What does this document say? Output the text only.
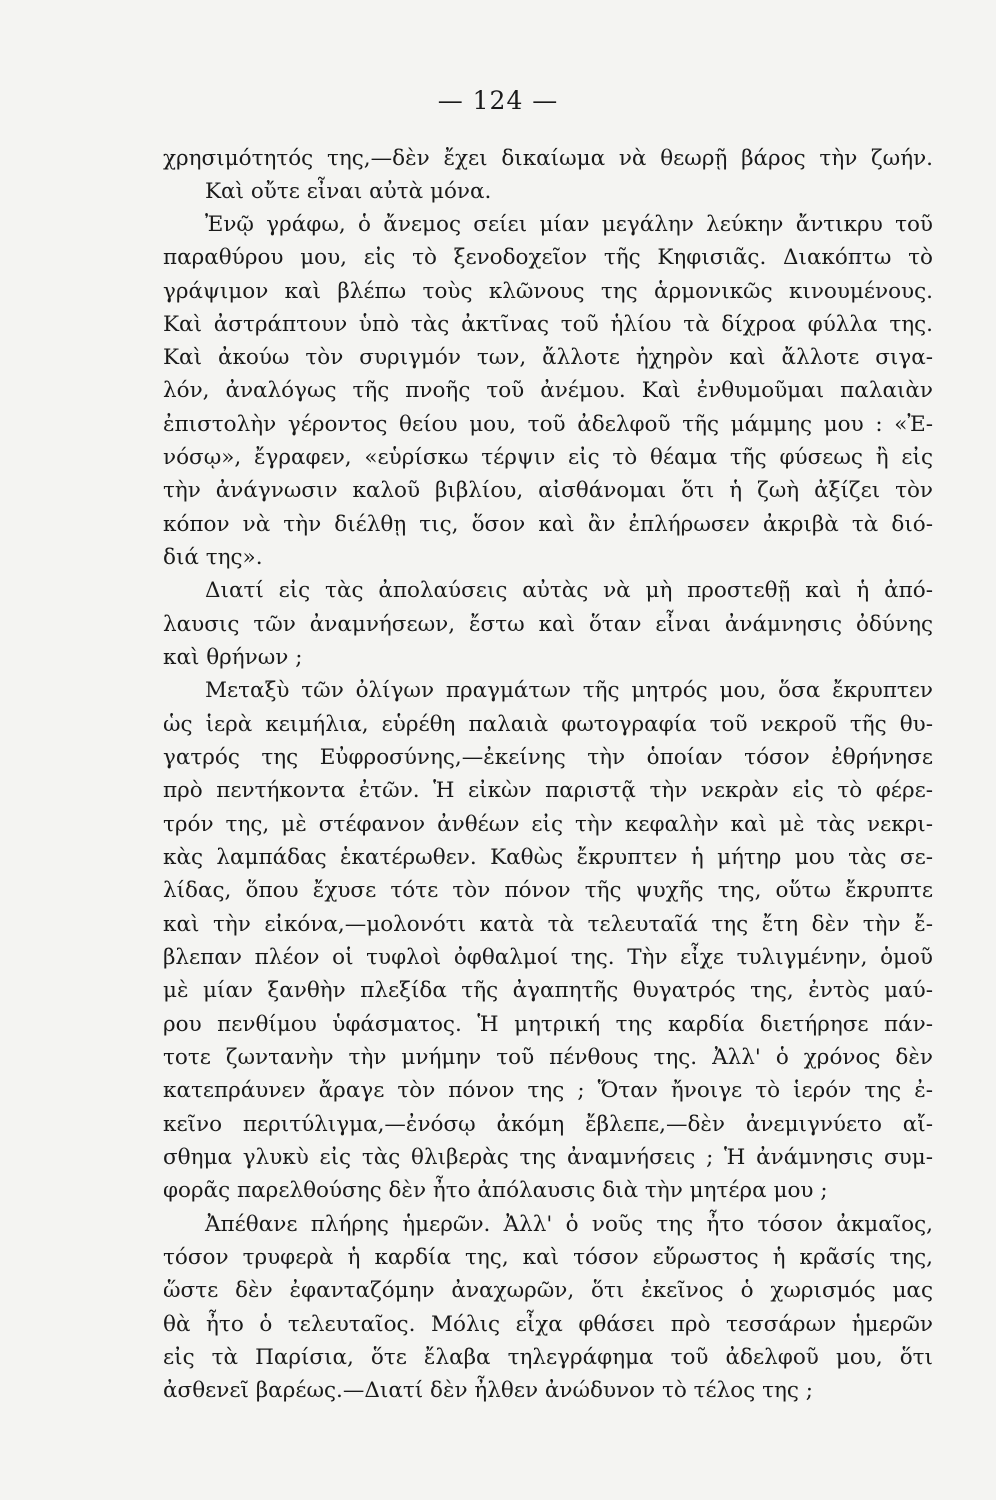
— 124 —
χρησιμότητός της,—δὲν ἔχει δικαίωμα νὰ θεωρῇ βάρος τὴν ζωήν.
Καὶ οὔτε εἶναι αὐτὰ μόνα.
Ἐνῷ γράφω, ὁ ἄνεμος σείει μίαν μεγάλην λεύκην ἄντικρυ τοῦ
παραθύρου μου, εἰς τὸ ξενοδοχεῖον τῆς Κηφισιᾶς. Διακόπτω τὸ
γράψιμον καὶ βλέπω τοὺς κλῶνους της ἁρμονικῶς κινουμένους.
Καὶ ἀστράπτουν ὑπὸ τὰς ἀκτῖνας τοῦ ἡλίου τὰ δίχροα φύλλα της.
Καὶ ἀκούω τὸν συριγμόν των, ἄλλοτε ἠχηρὸν καὶ ἄλλοτε σιγα-
λόν, ἀναλόγως τῆς πνοῆς τοῦ ἀνέμου. Καὶ ἐνθυμοῦμαι παλαιὰν
ἐπιστολὴν γέροντος θείου μου, τοῦ ἀδελφοῦ τῆς μάμμης μου : «Ἐ-
νόσῳ», ἔγραφεν, «εὑρίσκω τέρψιν εἰς τὸ θέαμα τῆς φύσεως ἢ εἰς
τὴν ἀνάγνωσιν καλοῦ βιβλίου, αἰσθάνομαι ὅτι ἡ ζωὴ ἀξίζει τὸν
κόπον νὰ τὴν διέλθῃ τις, ὅσον καὶ ἂν ἐπλήρωσεν ἀκριβὰ τὰ διό-
διά της».
Διατί εἰς τὰς ἀπολαύσεις αὐτὰς νὰ μὴ προστεθῇ καὶ ἡ ἀπό-
λαυσις τῶν ἀναμνήσεων, ἔστω καὶ ὅταν εἶναι ἀνάμνησις ὀδύνης
καὶ θρήνων ;
Μεταξὺ τῶν ὀλίγων πραγμάτων τῆς μητρός μου, ὅσα ἔκρυπτεν
ὡς ἱερὰ κειμήλια, εὑρέθη παλαιὰ φωτογραφία τοῦ νεκροῦ τῆς θυ-
γατρός της Εὐφροσύνης,—ἐκείνης τὴν ὁποίαν τόσον ἐθρήνησε
πρὸ πεντήκοντα ἐτῶν. Ἡ εἰκὼν παριστᾷ τὴν νεκρὰν εἰς τὸ φέρε-
τρόν της, μὲ στέφανον ἀνθέων εἰς τὴν κεφαλὴν καὶ μὲ τὰς νεκρι-
κὰς λαμπάδας ἑκατέρωθεν. Καθὼς ἔκρυπτεν ἡ μήτηρ μου τὰς σε-
λίδας, ὅπου ἔχυσε τότε τὸν πόνον τῆς ψυχῆς της, οὕτω ἔκρυπτε
καὶ τὴν εἰκόνα,—μολονότι κατὰ τὰ τελευταῖά της ἔτη δὲν τὴν ἔ-
βλεπαν πλέον οἱ τυφλοὶ ὀφθαλμοί της. Τὴν εἶχε τυλιγμένην, ὁμοῦ
μὲ μίαν ξανθὴν πλεξίδα τῆς ἀγαπητῆς θυγατρός της, ἐντὸς μαύ-
ρου πενθίμου ὑφάσματος. Ἡ μητρική της καρδία διετήρησε πάν-
τοτε ζωντανὴν τὴν μνήμην τοῦ πένθους της. Ἀλλ' ὁ χρόνος δὲν
κατεπράυνεν ἄραγε τὸν πόνον της ; Ὅταν ἤνοιγε τὸ ἱερόν της ἐ-
κεῖνο περιτύλιγμα,—ἐνόσῳ ἀκόμη ἔβλεπε,—δὲν ἀνεμιγνύετο αἴ-
σθημα γλυκὺ εἰς τὰς θλιβερὰς της ἀναμνήσεις ; Ἡ ἀνάμνησις συμ-
φορᾶς παρελθούσης δὲν ἦτο ἀπόλαυσις διὰ τὴν μητέρα μου ;
Ἀπέθανε πλήρης ἡμερῶν. Ἀλλ' ὁ νοῦς της ἦτο τόσον ἀκμαῖος,
τόσον τρυφερὰ ἡ καρδία της, καὶ τόσον εὔρωστος ἡ κρᾶσίς της,
ὥστε δὲν ἐφανταζόμην ἀναχωρῶν, ὅτι ἐκεῖνος ὁ χωρισμός μας
θὰ ἦτο ὁ τελευταῖος. Μόλις εἶχα φθάσει πρὸ τεσσάρων ἡμερῶν
εἰς τὰ Παρίσια, ὅτε ἔλαβα τηλεγράφημα τοῦ ἀδελφοῦ μου, ὅτι
ἀσθενεῖ βαρέως.—Διατί δὲν ἦλθεν ἀνώδυνον τὸ τέλος της ;
